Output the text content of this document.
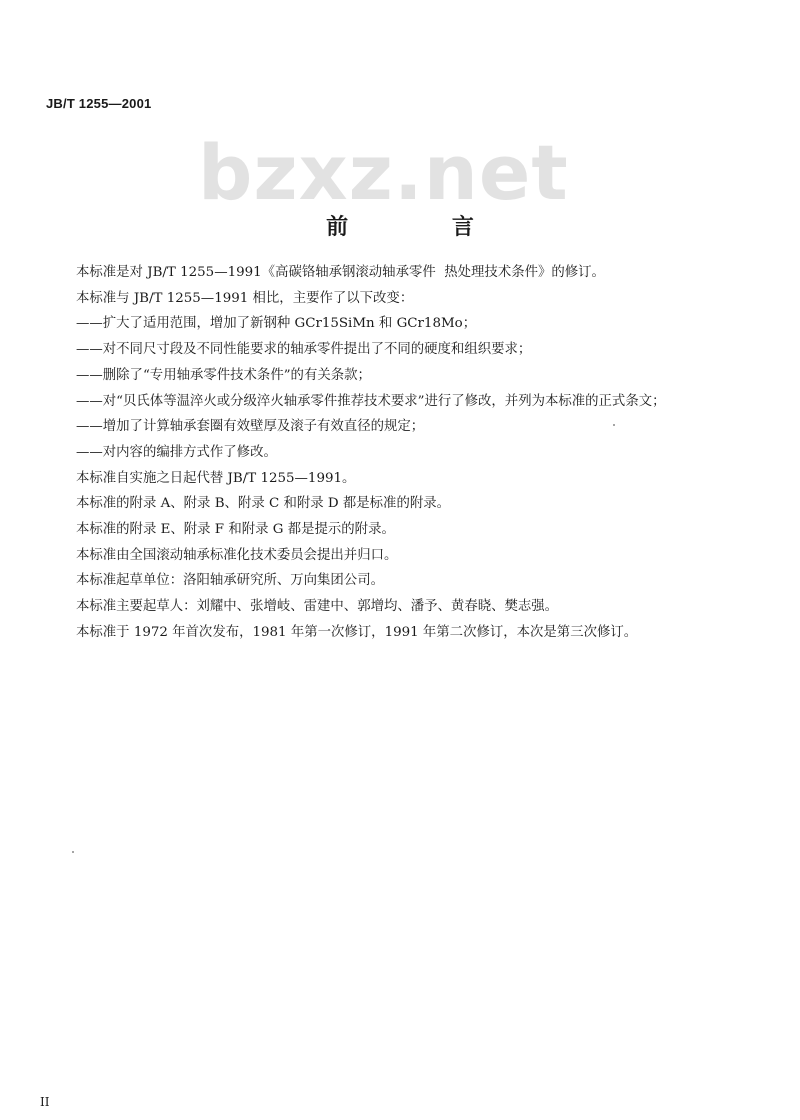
JB/T 1255—2001
bzxz.net
前 言

本标准是对 JB/T 1255—1991《高碳铬轴承钢滚动轴承零件  热处理技术条件》的修订。

本标准与 JB/T 1255—1991 相比，主要作了以下改变：

——扩大了适用范围，增加了新钢种 GCr15SiMn 和 GCr18Mo；

——对不同尺寸段及不同性能要求的轴承零件提出了不同的硬度和组织要求；

——删除了“专用轴承零件技术条件”的有关条款；

——对“贝氏体等温淬火或分级淬火轴承零件推荐技术要求”进行了修改，并列为本标准的正式条文；

——增加了计算轴承套圈有效壁厚及滚子有效直径的规定；

——对内容的编排方式作了修改。

本标准自实施之日起代替 JB/T 1255—1991。

本标准的附录 A、附录 B、附录 C 和附录 D 都是标准的附录。

本标准的附录 E、附录 F 和附录 G 都是提示的附录。

本标准由全国滚动轴承标准化技术委员会提出并归口。

本标准起草单位：洛阳轴承研究所、万向集团公司。

本标准主要起草人：刘耀中、张增岐、雷建中、郭增均、潘予、黄春晓、樊志强。

本标准于 1972 年首次发布，1981 年第一次修订，1991 年第二次修订，本次是第三次修订。

II
